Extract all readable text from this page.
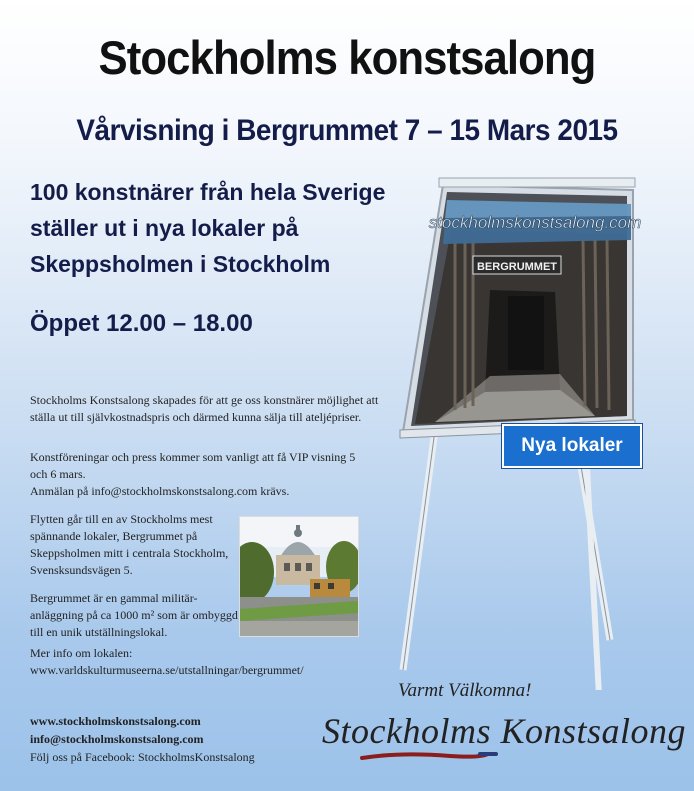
Stockholms konstsalong
Vårvisning i Bergrummet 7 – 15 Mars 2015
100 konstnärer från hela Sverige
ställer ut i nya lokaler på
Skeppsholmen i Stockholm
Öppet 12.00 – 18.00

Stockholms Konstsalong skapades för att ge oss konstnärer möjlighet att ställa ut till självkostnadspris och därmed kunna sälja till ateljépriser.

Konstföreningar och press kommer som vanligt att få VIP visning 5 och 6 mars.
Anmälan på info@stockholmskonstsalong.com krävs.

Flytten går till en av Stockholms mest spännande lokaler, Bergrummet på Skeppsholmen mitt i centrala Stockholm, Svensksundsvägen 5.

Bergrummet är en gammal militär-anläggning på ca 1000 m² som är ombyggd till en unik utställningslokal.

Mer info om lokalen:
www.varldskulturmuseerna.se/utstallningar/bergrummet/

stockholmskonstsalong.com
BERGRUMMET
Nya lokaler

www.stockholmskonstsalong.com
info@stockholmskonstsalong.com
Följ oss på Facebook: StockholmsKonstsalong

Varmt Välkomna!
Stockholms Konstsalong
